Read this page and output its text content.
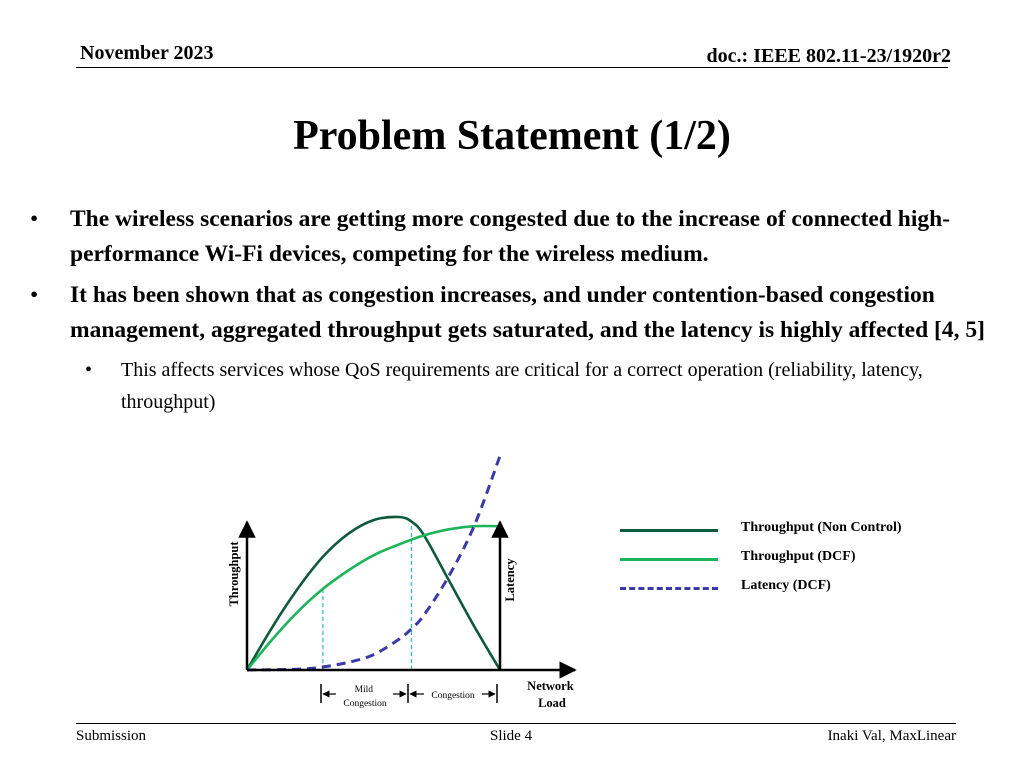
November 2023	doc.: IEEE 802.11-23/1920r2
Problem Statement (1/2)
• The wireless scenarios are getting more congested due to the increase of connected high-performance Wi-Fi devices, competing for the wireless medium.
• It has been shown that as congestion increases, and under contention-based congestion management, aggregated throughput gets saturated, and the latency is highly affected [4, 5]
• This affects services whose QoS requirements are critical for a correct operation (reliability, latency, throughput)
Throughput	Latency
Network Load
Mild Congestion
Congestion
Throughput (Non Control)
Throughput (DCF)
Latency (DCF)
Submission	Slide 4	Inaki Val, MaxLinear
